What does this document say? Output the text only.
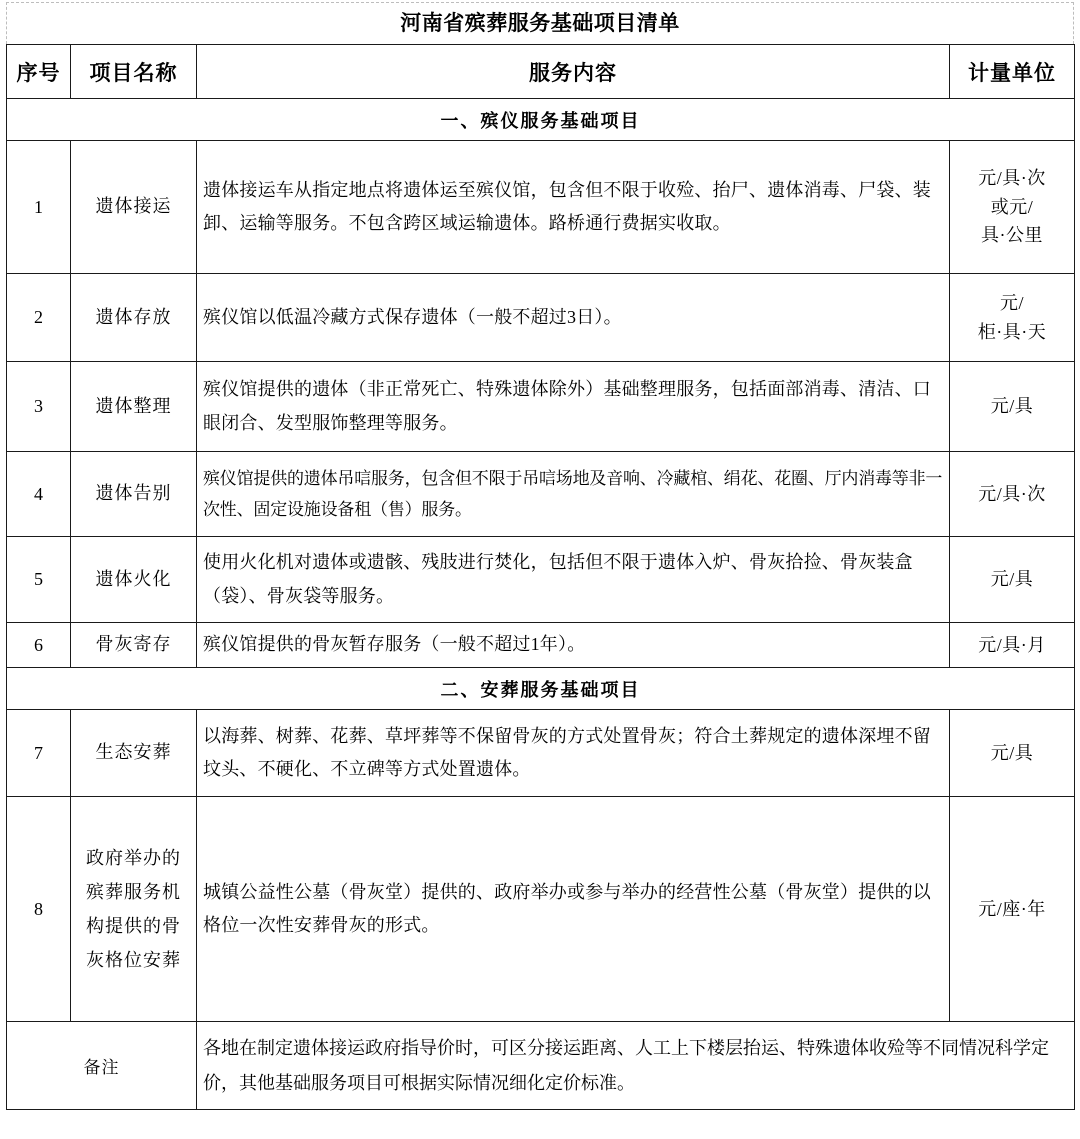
河南省殡葬服务基础项目清单
序号	项目名称	服务内容	计量单位
一、殡仪服务基础项目			
1	遗体接运	遗体接运车从指定地点将遗体运至殡仪馆，包含但不限于收殓、抬尸、遗体消毒、尸袋、装卸、运输等服务。不包含跨区域运输遗体。路桥通行费据实收取。	元/具·次
或元/
具·公里

2	遗体存放	殡仪馆以低温冷藏方式保存遗体（一般不超过3日）。	元/
柜·具·天

3	遗体整理	殡仪馆提供的遗体（非正常死亡、特殊遗体除外）基础整理服务，包括面部消毒、清洁、口眼闭合、发型服饰整理等服务。	元/具
4	遗体告别	殡仪馆提供的遗体吊唁服务，包含但不限于吊唁场地及音响、冷藏棺、绢花、花圈、厅内消毒等非一次性、固定设施设备租（售）服务。	元/具·次
5	遗体火化	使用火化机对遗体或遗骸、残肢进行焚化，包括但不限于遗体入炉、骨灰拾捡、骨灰装盒（袋）、骨灰袋等服务。	元/具
6	骨灰寄存	殡仪馆提供的骨灰暂存服务（一般不超过1年）。	元/具·月
二、安葬服务基础项目			
7	生态安葬	以海葬、树葬、花葬、草坪葬等不保留骨灰的方式处置骨灰；符合土葬规定的遗体深埋不留坟头、不硬化、不立碑等方式处置遗体。	元/具
8	政府举办的殡葬服务机构提供的骨灰格位安葬	城镇公益性公墓（骨灰堂）提供的、政府举办或参与举办的经营性公墓（骨灰堂）提供的以格位一次性安葬骨灰的形式。	元/座·年
备注		各地在制定遗体接运政府指导价时，可区分接运距离、人工上下楼层抬运、特殊遗体收殓等不同情况科学定价，其他基础服务项目可根据实际情况细化定价标准。	
